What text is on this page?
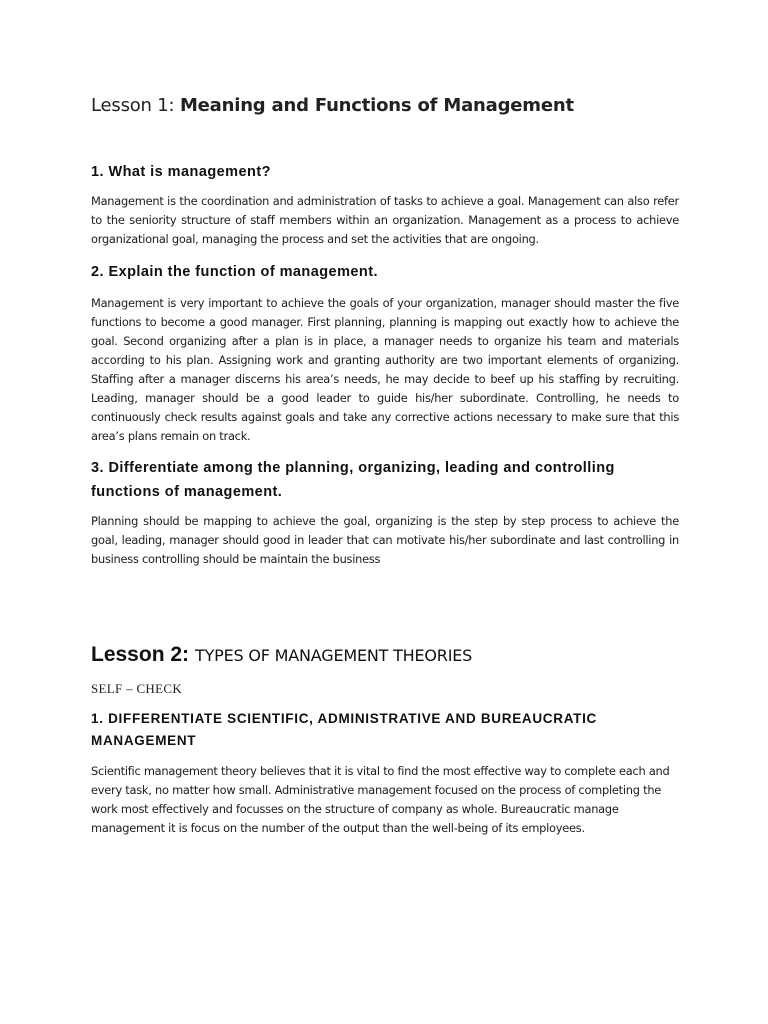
Lesson 1: Meaning and Functions of Management
1. What is management?
Management is the coordination and administration of tasks to achieve a goal. Management can also refer to the seniority structure of staff members within an organization. Management as a process to achieve organizational goal, managing the process and set the activities that are ongoing.
2. Explain the function of management.
Management is very important to achieve the goals of your organization, manager should master the five functions to become a good manager. First planning, planning is mapping out exactly how to achieve the goal. Second organizing after a plan is in place, a manager needs to organize his team and materials according to his plan. Assigning work and granting authority are two important elements of organizing. Staffing after a manager discerns his area’s needs, he may decide to beef up his staffing by recruiting. Leading, manager should be a good leader to guide his/her subordinate. Controlling, he needs to continuously check results against goals and take any corrective actions necessary to make sure that this area’s plans remain on track.
3. Differentiate among the planning, organizing, leading and controlling functions of management.
Planning should be mapping to achieve the goal, organizing is the step by step process to achieve the goal, leading, manager should good in leader that can motivate his/her subordinate and last controlling in business controlling should be maintain the business
Lesson 2: TYPES OF MANAGEMENT THEORIES
SELF – CHECK
1. DIFFERENTIATE SCIENTIFIC, ADMINISTRATIVE AND BUREAUCRATIC MANAGEMENT
Scientific management theory believes that it is vital to find the most effective way to complete each and every task, no matter how small. Administrative management focused on the process of completing the work most effectively and focusses on the structure of company as whole. Bureaucratic manage management it is focus on the number of the output than the well-being of its employees.
